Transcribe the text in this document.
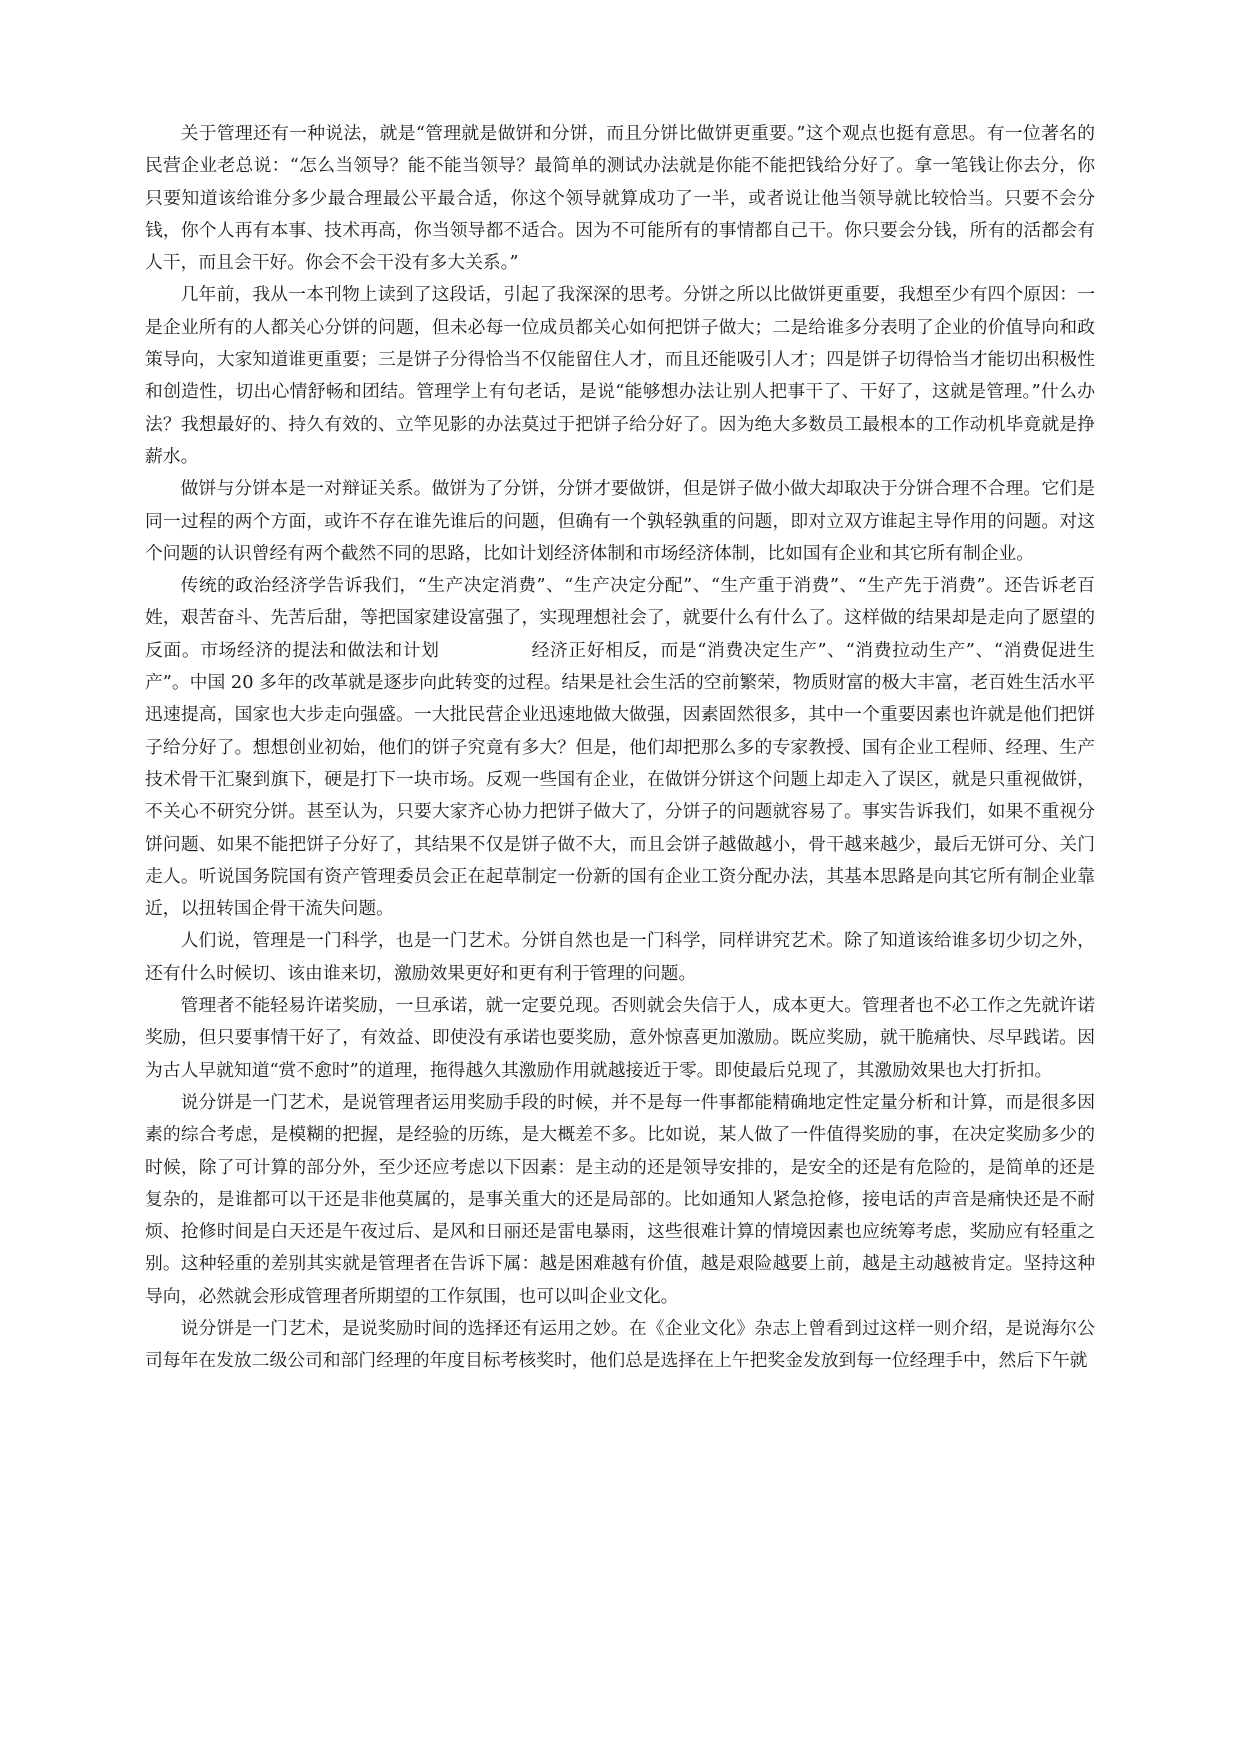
关于管理还有一种说法，就是“管理就是做饼和分饼，而且分饼比做饼更重要。”这个观点也挺有意思。有一位著名的民营企业老总说：“怎么当领导？能不能当领导？最简单的测试办法就是你能不能把钱给分好了。拿一笔钱让你去分，你只要知道该给谁分多少最合理最公平最合适，你这个领导就算成功了一半，或者说让他当领导就比较恰当。只要不会分钱，你个人再有本事、技术再高，你当领导都不适合。因为不可能所有的事情都自己干。你只要会分钱，所有的活都会有人干，而且会干好。你会不会干没有多大关系。”

几年前，我从一本刊物上读到了这段话，引起了我深深的思考。分饼之所以比做饼更重要，我想至少有四个原因：一是企业所有的人都关心分饼的问题，但未必每一位成员都关心如何把饼子做大；二是给谁多分表明了企业的价值导向和政策导向，大家知道谁更重要；三是饼子分得恰当不仅能留住人才，而且还能吸引人才；四是饼子切得恰当才能切出积极性和创造性，切出心情舒畅和团结。管理学上有句老话，是说“能够想办法让别人把事干了、干好了，这就是管理。”什么办法？我想最好的、持久有效的、立竿见影的办法莫过于把饼子给分好了。因为绝大多数员工最根本的工作动机毕竟就是挣薪水。

做饼与分饼本是一对辩证关系。做饼为了分饼，分饼才要做饼，但是饼子做小做大却取决于分饼合理不合理。它们是同一过程的两个方面，或许不存在谁先谁后的问题，但确有一个孰轻孰重的问题，即对立双方谁起主导作用的问题。对这个问题的认识曾经有两个截然不同的思路，比如计划经济体制和市场经济体制，比如国有企业和其它所有制企业。

传统的政治经济学告诉我们，“生产决定消费”、“生产决定分配”、“生产重于消费”、“生产先于消费”。还告诉老百姓，艰苦奋斗、先苦后甜，等把国家建设富强了，实现理想社会了，就要什么有什么了。这样做的结果却是走向了愿望的反面。市场经济的提法和做法和计划　　　　　经济正好相反，而是“消费决定生产”、“消费拉动生产”、“消费促进生产”。中国 20 多年的改革就是逐步向此转变的过程。结果是社会生活的空前繁荣，物质财富的极大丰富，老百姓生活水平迅速提高，国家也大步走向强盛。一大批民营企业迅速地做大做强，因素固然很多，其中一个重要因素也许就是他们把饼子给分好了。想想创业初始，他们的饼子究竟有多大？但是，他们却把那么多的专家教授、国有企业工程师、经理、生产技术骨干汇聚到旗下，硬是打下一块市场。反观一些国有企业，在做饼分饼这个问题上却走入了误区，就是只重视做饼，不关心不研究分饼。甚至认为，只要大家齐心协力把饼子做大了，分饼子的问题就容易了。事实告诉我们，如果不重视分饼问题、如果不能把饼子分好了，其结果不仅是饼子做不大，而且会饼子越做越小，骨干越来越少，最后无饼可分、关门走人。听说国务院国有资产管理委员会正在起草制定一份新的国有企业工资分配办法，其基本思路是向其它所有制企业靠近，以扭转国企骨干流失问题。

人们说，管理是一门科学，也是一门艺术。分饼自然也是一门科学，同样讲究艺术。除了知道该给谁多切少切之外，还有什么时候切、该由谁来切，激励效果更好和更有利于管理的问题。

管理者不能轻易许诺奖励，一旦承诺，就一定要兑现。否则就会失信于人，成本更大。管理者也不必工作之先就许诺奖励，但只要事情干好了，有效益、即使没有承诺也要奖励，意外惊喜更加激励。既应奖励，就干脆痛快、尽早践诺。因为古人早就知道“赏不愈时”的道理，拖得越久其激励作用就越接近于零。即使最后兑现了，其激励效果也大打折扣。

说分饼是一门艺术，是说管理者运用奖励手段的时候，并不是每一件事都能精确地定性定量分析和计算，而是很多因素的综合考虑，是模糊的把握，是经验的历练，是大概差不多。比如说，某人做了一件值得奖励的事，在决定奖励多少的时候，除了可计算的部分外，至少还应考虑以下因素：是主动的还是领导安排的，是安全的还是有危险的，是简单的还是复杂的，是谁都可以干还是非他莫属的，是事关重大的还是局部的。比如通知人紧急抢修，接电话的声音是痛快还是不耐烦、抢修时间是白天还是午夜过后、是风和日丽还是雷电暴雨，这些很难计算的情境因素也应统筹考虑，奖励应有轻重之别。这种轻重的差别其实就是管理者在告诉下属：越是困难越有价值，越是艰险越要上前，越是主动越被肯定。坚持这种导向，必然就会形成管理者所期望的工作氛围，也可以叫企业文化。

说分饼是一门艺术，是说奖励时间的选择还有运用之妙。在《企业文化》杂志上曾看到过这样一则介绍，是说海尔公司每年在发放二级公司和部门经理的年度目标考核奖时，他们总是选择在上午把奖金发放到每一位经理手中，然后下午就
